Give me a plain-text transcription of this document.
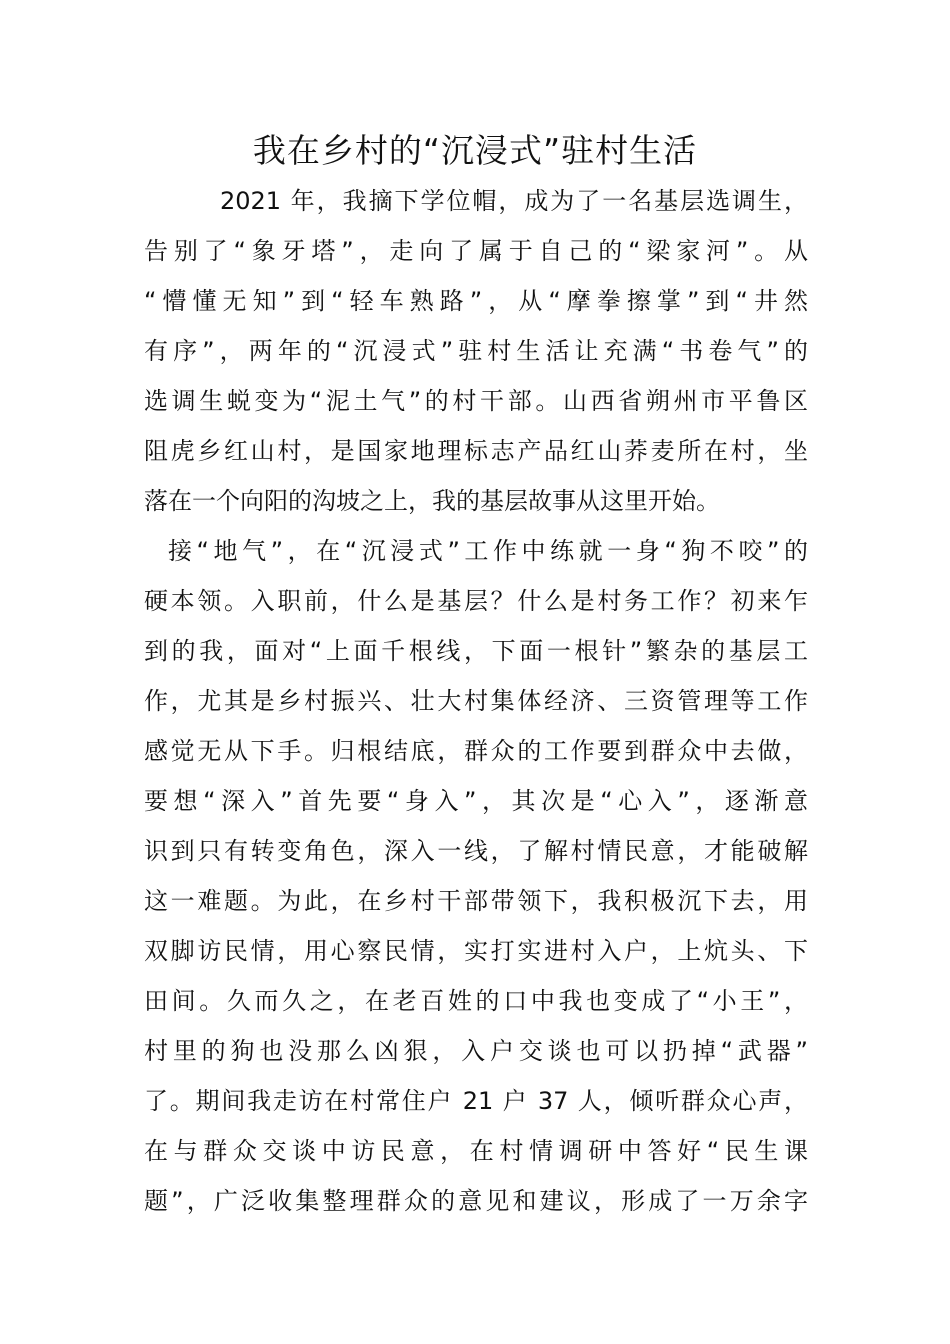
我在乡村的“沉浸式”驻村生活
2021 年，我摘下学位帽，成为了一名基层选调生，
告别了“象牙塔”，走向了属于自己的“梁家河”。从
“懵懂无知”到“轻车熟路”，从“摩拳擦掌”到“井然
有序”，两年的“沉浸式”驻村生活让充满“书卷气”的
选调生蜕变为“泥土气”的村干部。山西省朔州市平鲁区
阻虎乡红山村，是国家地理标志产品红山荞麦所在村，坐
落在一个向阳的沟坡之上，我的基层故事从这里开始。
接“地气”，在“沉浸式”工作中练就一身“狗不咬”的
硬本领。入职前，什么是基层？什么是村务工作？初来乍
到的我，面对“上面千根线，下面一根针”繁杂的基层工
作，尤其是乡村振兴、壮大村集体经济、三资管理等工作
感觉无从下手。归根结底，群众的工作要到群众中去做，
要想“深入”首先要“身入”，其次是“心入”，逐渐意
识到只有转变角色，深入一线，了解村情民意，才能破解
这一难题。为此，在乡村干部带领下，我积极沉下去，用
双脚访民情，用心察民情，实打实进村入户，上炕头、下
田间。久而久之，在老百姓的口中我也变成了“小王”，
村里的狗也没那么凶狠，入户交谈也可以扔掉“武器”
了。期间我走访在村常住户 21 户 37 人，倾听群众心声，
在与群众交谈中访民意，在村情调研中答好“民生课
题”，广泛收集整理群众的意见和建议，形成了一万余字
